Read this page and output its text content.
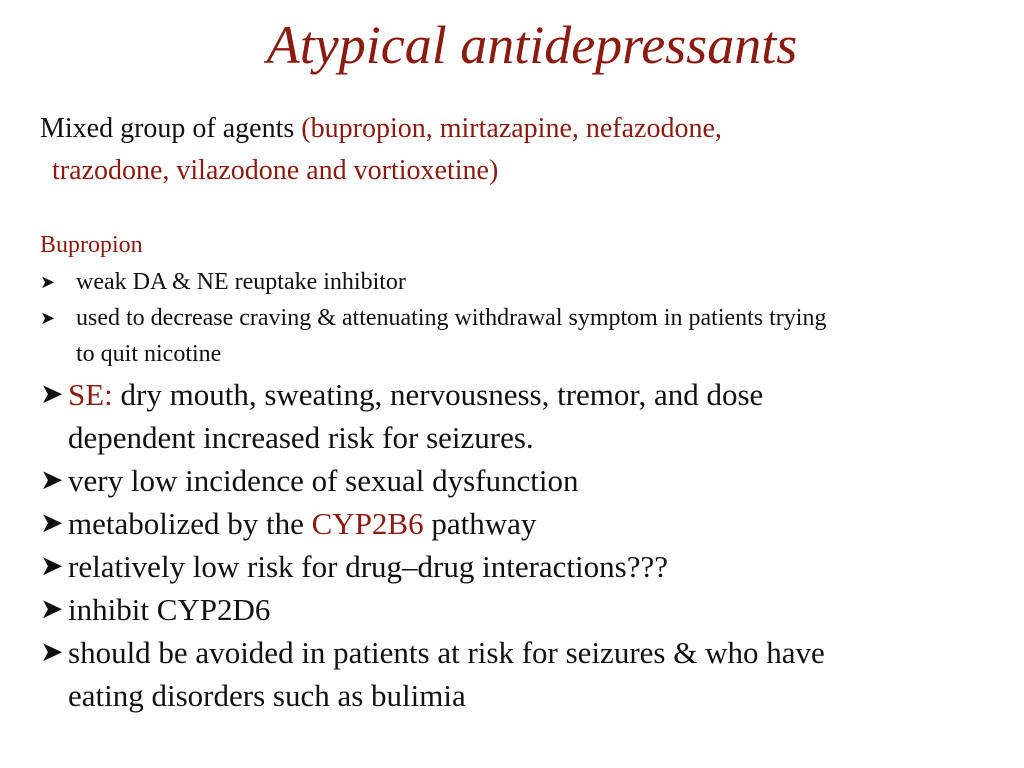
Atypical antidepressants
Mixed group of agents (bupropion, mirtazapine, nefazodone,
trazodone, vilazodone and vortioxetine)
Bupropion
➤ weak DA & NE reuptake inhibitor
➤ used to decrease craving & attenuating withdrawal symptom in patients trying
to quit nicotine
➤ SE: dry mouth, sweating, nervousness, tremor, and dose
dependent increased risk for seizures.
➤ very low incidence of sexual dysfunction
➤ metabolized by the CYP2B6 pathway
➤ relatively low risk for drug–drug interactions???
➤ inhibit CYP2D6
➤ should be avoided in patients at risk for seizures & who have
eating disorders such as bulimia
